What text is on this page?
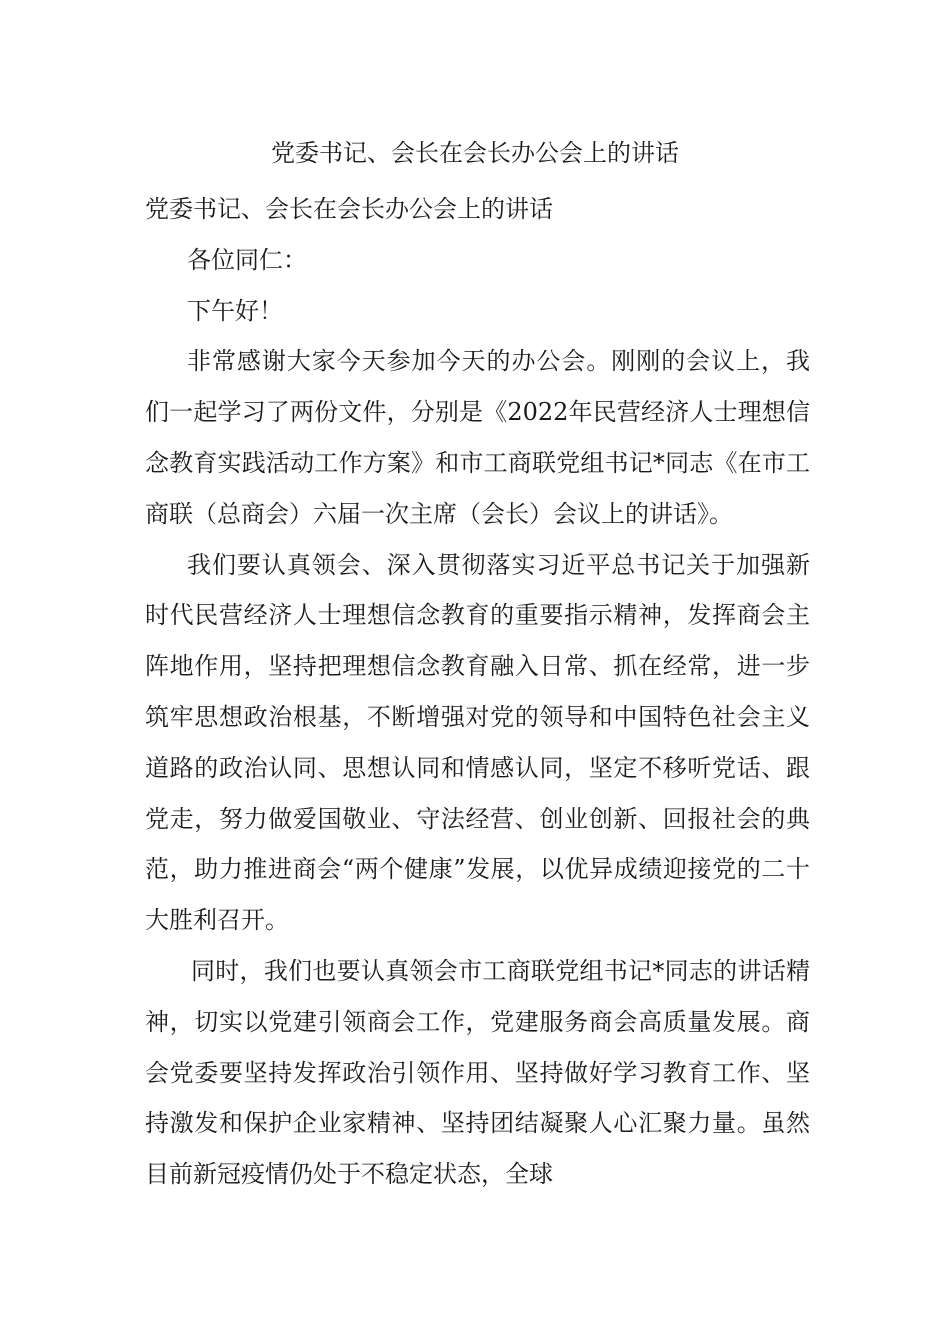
党委书记、会长在会长办公会上的讲话

党委书记、会长在会长办公会上的讲话

各位同仁：

下午好！

非常感谢大家今天参加今天的办公会。刚刚的会议上，我们一起学习了两份文件，分别是《2022年民营经济人士理想信念教育实践活动工作方案》和市工商联党组书记*同志《在市工商联（总商会）六届一次主席（会长）会议上的讲话》。

我们要认真领会、深入贯彻落实习近平总书记关于加强新时代民营经济人士理想信念教育的重要指示精神，发挥商会主阵地作用，坚持把理想信念教育融入日常、抓在经常，进一步筑牢思想政治根基，不断增强对党的领导和中国特色社会主义道路的政治认同、思想认同和情感认同，坚定不移听党话、跟党走，努力做爱国敬业、守法经营、创业创新、回报社会的典范，助力推进商会“两个健康”发展，以优异成绩迎接党的二十大胜利召开。

同时，我们也要认真领会市工商联党组书记*同志的讲话精神，切实以党建引领商会工作，党建服务商会高质量发展。商会党委要坚持发挥政治引领作用、坚持做好学习教育工作、坚持激发和保护企业家精神、坚持团结凝聚人心汇聚力量。虽然目前新冠疫情仍处于不稳定状态，全球
